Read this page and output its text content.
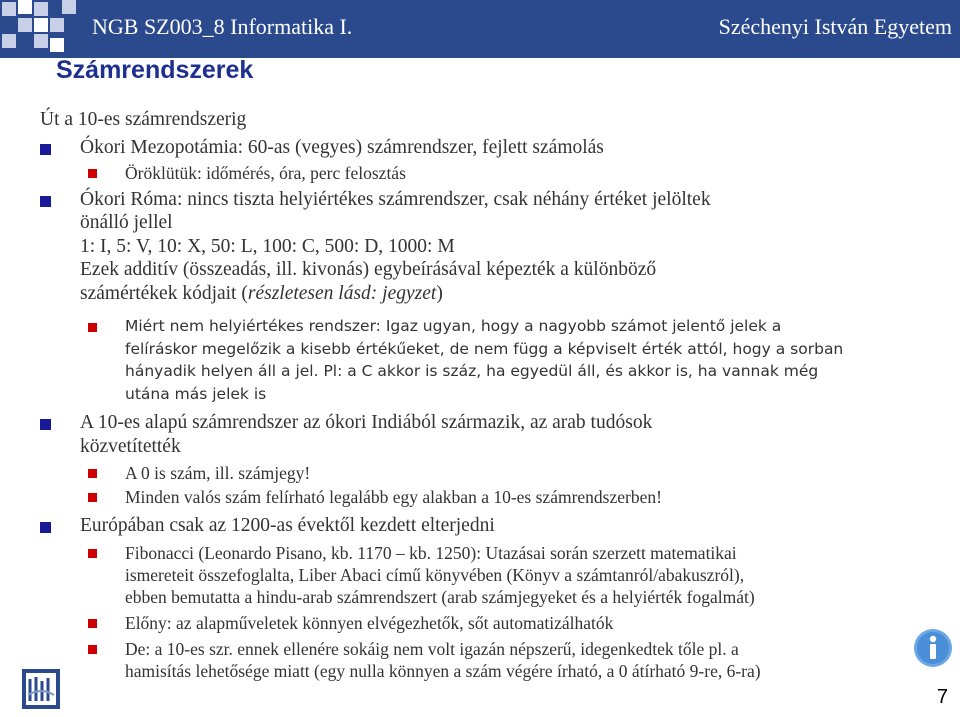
NGB SZ003_8 Informatika I.	Széchenyi István Egyetem
Számrendszerek
Út a 10-es számrendszerig
Ókori Mezopotámia: 60-as (vegyes) számrendszer, fejlett számolás
Öröklütük: időmérés, óra, perc felosztás
Ókori Róma: nincs tiszta helyiértékes számrendszer, csak néhány értéket jelöltek
önálló jellel
1: I, 5: V, 10: X, 50: L, 100: C, 500: D, 1000: M
Ezek additív (összeadás, ill. kivonás) egybeírásával képezték a különböző
számértékek kódjait (részletesen lásd: jegyzet)
Miért nem helyiértékes rendszer: Igaz ugyan, hogy a nagyobb számot jelentő jelek a
felíráskor megelőzik a kisebb értékűeket, de nem függ a képviselt érték attól, hogy a sorban
hányadik helyen áll a jel. Pl: a C akkor is száz, ha egyedül áll, és akkor is, ha vannak még
utána más jelek is
A 10-es alapú számrendszer az ókori Indiából származik, az arab tudósok
közvetítették
A 0 is szám, ill. számjegy!
Minden valós szám felírható legalább egy alakban a 10-es számrendszerben!
Európában csak az 1200-as évektől kezdett elterjedni
Fibonacci (Leonardo Pisano, kb. 1170 – kb. 1250): Utazásai során szerzett matematikai
ismereteit összefoglalta, Liber Abaci című könyvében (Könyv a számtanról/abakuszról),
ebben bemutatta a hindu-arab számrendszert (arab számjegyeket és a helyiérték fogalmát)
Előny: az alapműveletek könnyen elvégezhetők, sőt automatizálhatók
De: a 10-es szr. ennek ellenére sokáig nem volt igazán népszerű, idegenkedtek tőle pl. a
hamisítás lehetősége miatt (egy nulla könnyen a szám végére írható, a 0 átírható 9-re, 6-ra)
7
